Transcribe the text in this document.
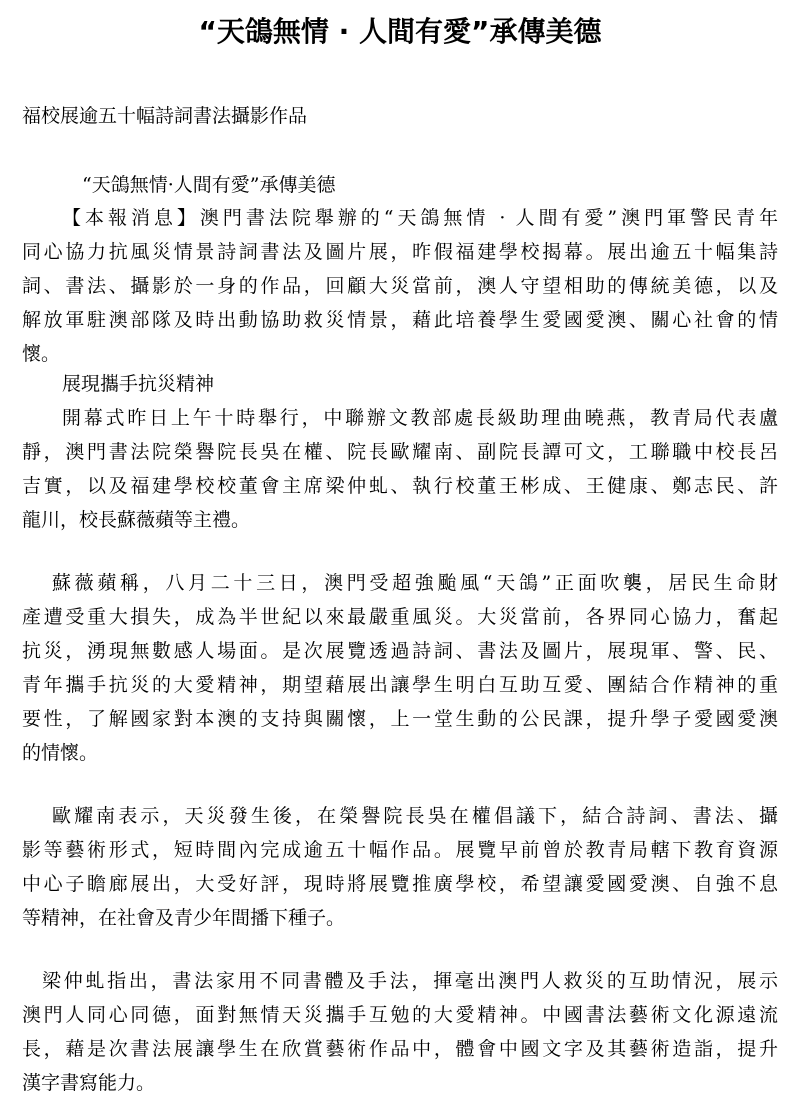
“天鴿無情 · 人間有愛”承傳美德
福校展逾五十幅詩詞書法攝影作品
“天鴿無情·人間有愛”承傳美德
【本報消息】澳門書法院舉辦的“天鴿無情 · 人間有愛”澳門軍警民青年
同心協力抗風災情景詩詞書法及圖片展，昨假福建學校揭幕。展出逾五十幅集詩
詞、書法、攝影於一身的作品，回顧大災當前，澳人守望相助的傳統美德，以及
解放軍駐澳部隊及時出動協助救災情景，藉此培養學生愛國愛澳、關心社會的情
懷。
展現攜手抗災精神
開幕式昨日上午十時舉行，中聯辦文教部處長級助理曲曉燕，教青局代表盧
靜，澳門書法院榮譽院長吳在權、院長歐耀南、副院長譚可文，工聯職中校長呂
吉實，以及福建學校校董會主席梁仲虬、執行校董王彬成、王健康、鄭志民、許
龍川，校長蘇薇蘋等主禮。
蘇薇蘋稱，八月二十三日，澳門受超強颱風“天鴿”正面吹襲，居民生命財
產遭受重大損失，成為半世紀以來最嚴重風災。大災當前，各界同心協力，奮起
抗災，湧現無數感人場面。是次展覽透過詩詞、書法及圖片，展現軍、警、民、
青年攜手抗災的大愛精神，期望藉展出讓學生明白互助互愛、團結合作精神的重
要性，了解國家對本澳的支持與關懷，上一堂生動的公民課，提升學子愛國愛澳
的情懷。
歐耀南表示，天災發生後，在榮譽院長吳在權倡議下，結合詩詞、書法、攝
影等藝術形式，短時間內完成逾五十幅作品。展覽早前曾於教青局轄下教育資源
中心子瞻廊展出，大受好評，現時將展覽推廣學校，希望讓愛國愛澳、自強不息
等精神，在社會及青少年間播下種子。
梁仲虬指出，書法家用不同書體及手法，揮毫出澳門人救災的互助情況，展示
澳門人同心同德，面對無情天災攜手互勉的大愛精神。中國書法藝術文化源遠流
長，藉是次書法展讓學生在欣賞藝術作品中，體會中國文字及其藝術造詣，提升
漢字書寫能力。
